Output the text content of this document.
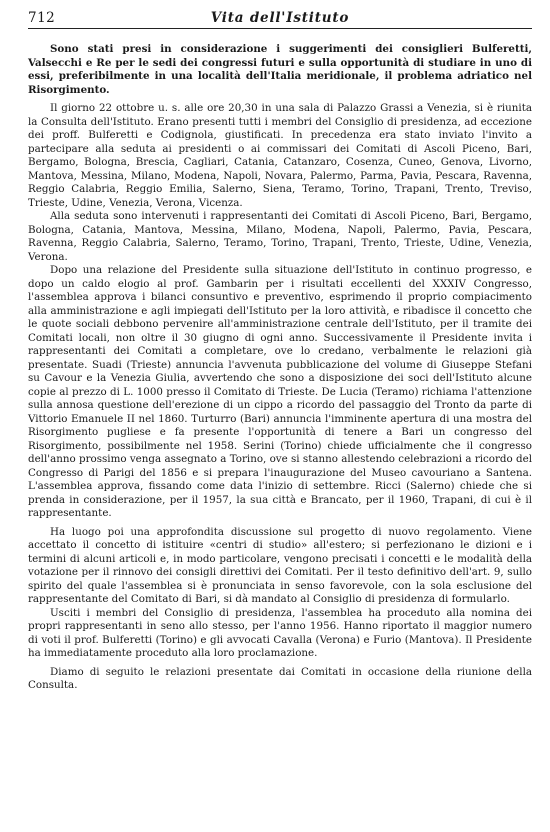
712	Vita dell'Istituto

Sono stati presi in considerazione i suggerimenti dei consiglieri Bulferetti, Valsecchi e Re per le sedi dei congressi futuri e sulla opportunità di studiare in uno di essi, preferibilmente in una località dell'Italia meridionale, il problema adriatico nel Risorgimento.

Il giorno 22 ottobre u. s. alle ore 20,30 in una sala di Palazzo Grassi a Venezia, si è riunita la Consulta dell'Istituto. Erano presenti tutti i membri del Consiglio di presidenza, ad eccezione dei proff. Bulferetti e Codignola, giustificati. In precedenza era stato inviato l'invito a partecipare alla seduta ai presidenti o ai commissari dei Comitati di Ascoli Piceno, Bari, Bergamo, Bologna, Brescia, Cagliari, Catania, Catanzaro, Cosenza, Cuneo, Genova, Livorno, Mantova, Messina, Milano, Modena, Napoli, Novara, Palermo, Parma, Pavia, Pescara, Ravenna, Reggio Calabria, Reggio Emilia, Salerno, Siena, Teramo, Torino, Trapani, Trento, Treviso, Trieste, Udine, Venezia, Verona, Vicenza.

Alla seduta sono intervenuti i rappresentanti dei Comitati di Ascoli Piceno, Bari, Bergamo, Bologna, Catania, Mantova, Messina, Milano, Modena, Napoli, Palermo, Pavia, Pescara, Ravenna, Reggio Calabria, Salerno, Teramo, Torino, Trapani, Trento, Trieste, Udine, Venezia, Verona.

Dopo una relazione del Presidente sulla situazione dell'Istituto in continuo progresso, e dopo un caldo elogio al prof. Gambarin per i risultati eccellenti del XXXIV Congresso, l'assemblea approva i bilanci consuntivo e preventivo, esprimendo il proprio compiacimento alla amministrazione e agli impiegati dell'Istituto per la loro attività, e ribadisce il concetto che le quote sociali debbono pervenire all'amministrazione centrale dell'Istituto, per il tramite dei Comitati locali, non oltre il 30 giugno di ogni anno. Successivamente il Presidente invita i rappresentanti dei Comitati a completare, ove lo credano, verbalmente le relazioni già presentate. Suadi (Trieste) annuncia l'avvenuta pubblicazione del volume di Giuseppe Stefani su Cavour e la Venezia Giulia, avvertendo che sono a disposizione dei soci dell'Istituto alcune copie al prezzo di L. 1000 presso il Comitato di Trieste. De Lucia (Teramo) richiama l'attenzione sulla annosa questione dell'erezione di un cippo a ricordo del passaggio del Tronto da parte di Vittorio Emanuele II nel 1860. Turturro (Bari) annuncia l'imminente apertura di una mostra del Risorgimento pugliese e fa presente l'opportunità di tenere a Bari un congresso del Risorgimento, possibilmente nel 1958. Serini (Torino) chiede ufficialmente che il congresso dell'anno prossimo venga assegnato a Torino, ove si stanno allestendo celebrazioni a ricordo del Congresso di Parigi del 1856 e si prepara l'inaugurazione del Museo cavouriano a Santena. L'assemblea approva, fissando come data l'inizio di settembre. Ricci (Salerno) chiede che si prenda in considerazione, per il 1957, la sua città e Brancato, per il 1960, Trapani, di cui è il rappresentante.

Ha luogo poi una approfondita discussione sul progetto di nuovo regolamento. Viene accettato il concetto di istituire «centri di studio» all'estero; si perfezionano le dizioni e i termini di alcuni articoli e, in modo particolare, vengono precisati i concetti e le modalità della votazione per il rinnovo dei consigli direttivi dei Comitati. Per il testo definitivo dell'art. 9, sullo spirito del quale l'assemblea si è pronunciata in senso favorevole, con la sola esclusione del rappresentante del Comitato di Bari, si dà mandato al Consiglio di presidenza di formularlo.

Usciti i membri del Consiglio di presidenza, l'assemblea ha proceduto alla nomina dei propri rappresentanti in seno allo stesso, per l'anno 1956. Hanno riportato il maggior numero di voti il prof. Bulferetti (Torino) e gli avvocati Cavalla (Verona) e Furio (Mantova). Il Presidente ha immediatamente proceduto alla loro proclamazione.

Diamo di seguito le relazioni presentate dai Comitati in occasione della riunione della Consulta.
